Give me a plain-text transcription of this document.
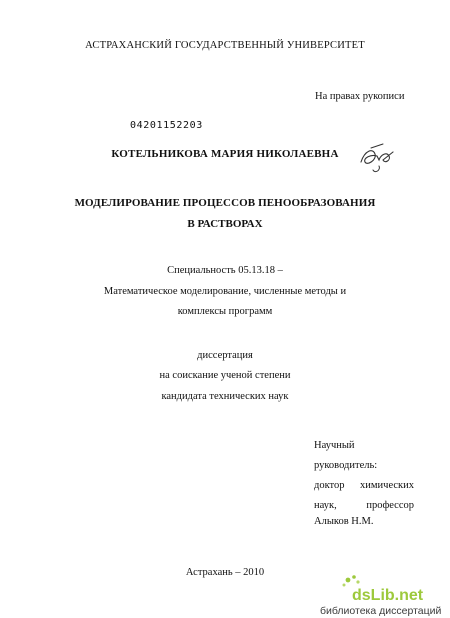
АСТРАХАНСКИЙ ГОСУДАРСТВЕННЫЙ УНИВЕРСИТЕТ
На правах рукописи
04201152203
КОТЕЛЬНИКОВА МАРИЯ НИКОЛАЕВНА
МОДЕЛИРОВАНИЕ ПРОЦЕССОВ ПЕНООБРАЗОВАНИЯ
В РАСТВОРАХ
Специальность 05.13.18 –
Математическое моделирование, численные методы и
комплексы программ
диссертация
на соискание ученой степени
кандидата технических наук
Научный
руководитель:
доктор химических
наук,	профессор
Алыков Н.М.
Астрахань – 2010
dsLib.net
библиотека диссертаций
